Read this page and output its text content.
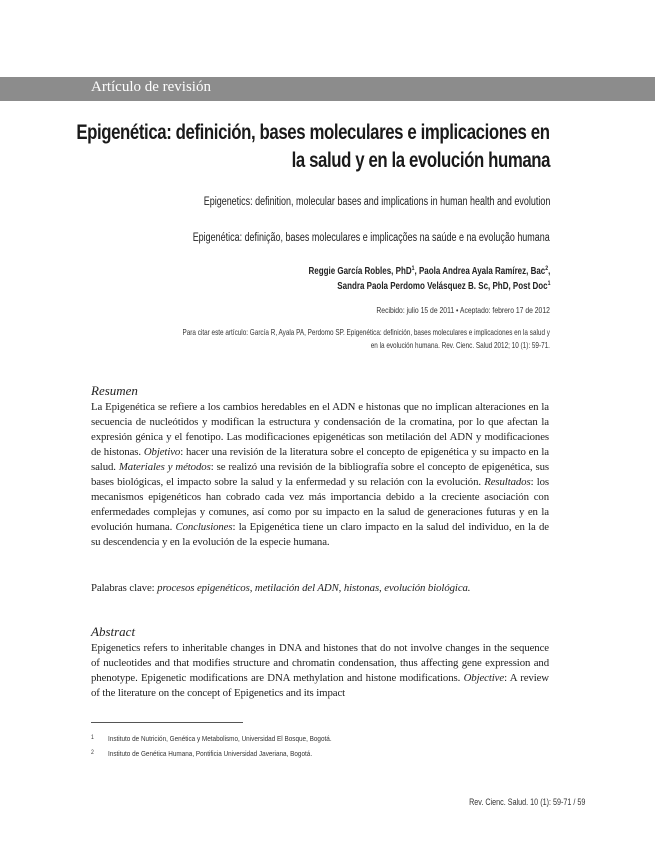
Artículo de revisión
Epigenética: definición, bases moleculares e implicaciones en
la salud y en la evolución humana
Epigenetics: definition, molecular bases and implications in human health and evolution
Epigenética: definição, bases moleculares e implicações na saúde e na evolução humana
Reggie García Robles, PhD$^1$, Paola Andrea Ayala Ramírez, Bac$^2$,
Sandra Paola Perdomo Velásquez B. Sc, PhD, Post Doc$^1$
Recibido: julio 15 de 2011 • Aceptado: febrero 17 de 2012
Para citar este artículo: García R, Ayala PA, Perdomo SP. Epigenética: definición, bases moleculares e implicaciones en la salud y
en la evolución humana. Rev. Cienc. Salud 2012; 10 (1): 59-71.
Resumen
La Epigenética se refiere a los cambios heredables en el ADN e histonas que no implican alteraciones en la secuencia de nucleótidos y modifican la estructura y condensación de la cromatina, por lo que afectan la expresión génica y el fenotipo. Las modificaciones epigenéticas son metilación del ADN y modificaciones de histonas. Objetivo: hacer una revisión de la literatura sobre el concepto de epigenética y su impacto en la salud. Materiales y métodos: se realizó una revisión de la bibliografía sobre el concepto de epigenética, sus bases biológicas, el impacto sobre la salud y la enfermedad y su relación con la evolución. Resultados: los mecanismos epigenéticos han cobrado cada vez más importancia debido a la creciente asociación con enfermedades complejas y comunes, así como por su impacto en la salud de generaciones futuras y en la evolución humana. Conclusiones: la Epigenética tiene un claro impacto en la salud del individuo, en la de su descendencia y en la evolución de la especie humana.
Palabras clave: procesos epigenéticos, metilación del ADN, histonas, evolución biológica.
Abstract
Epigenetics refers to inheritable changes in DNA and histones that do not involve changes in the sequence of nucleotides and that modifies structure and chromatin condensation, thus affecting gene expression and phenotype. Epigenetic modifications are DNA methylation and histone modifications. Objective: A review of the literature on the concept of Epigenetics and its impact
1 Instituto de Nutrición, Genética y Metabolismo, Universidad El Bosque, Bogotá.
2 Instituto de Genética Humana, Pontificia Universidad Javeriana, Bogotá.
Rev. Cienc. Salud. 10 (1): 59-71 / 59
